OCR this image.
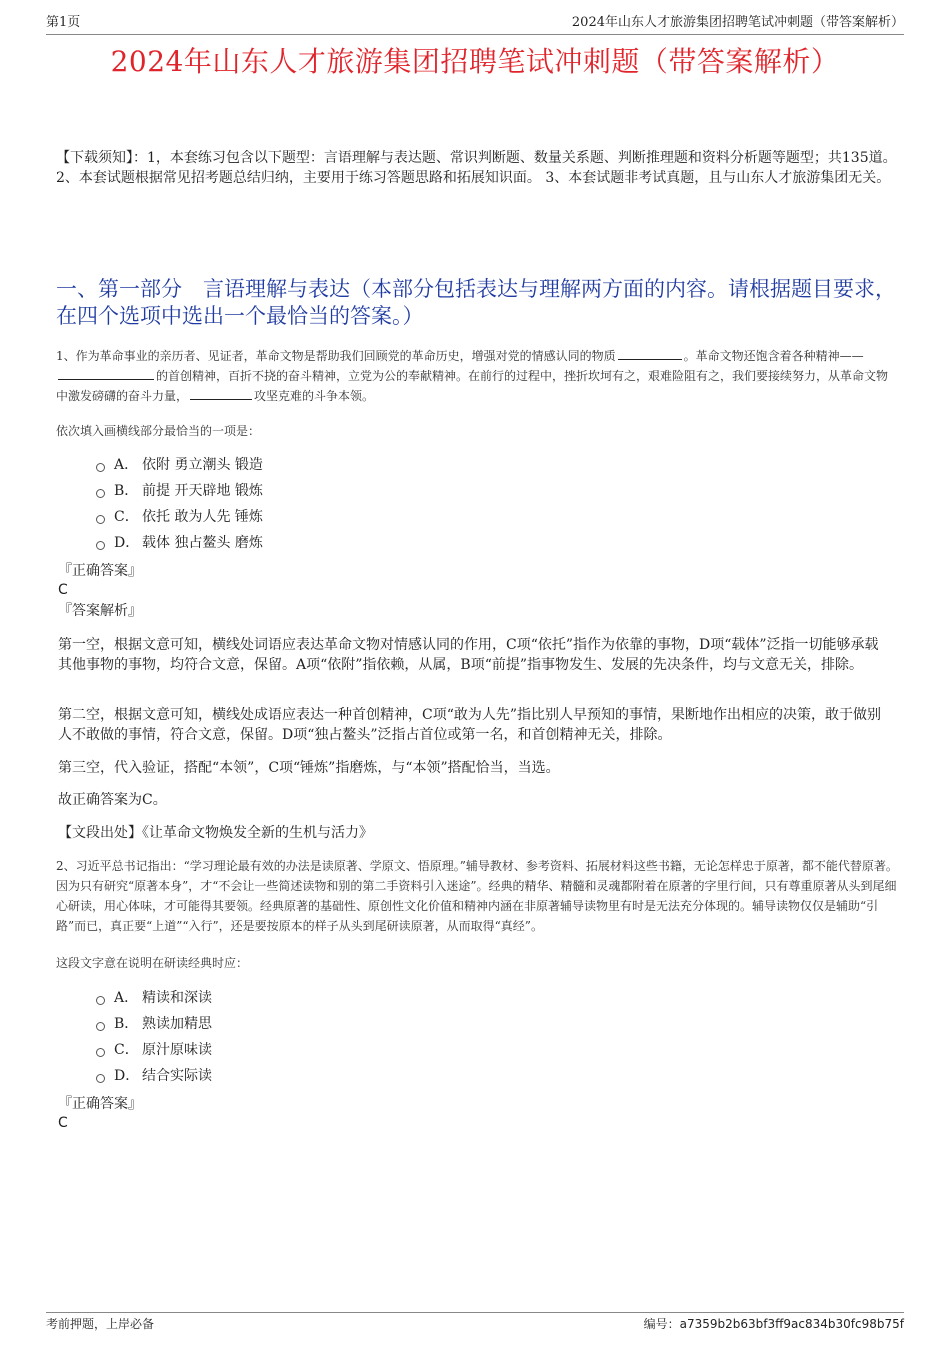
第1页	2024年山东人才旅游集团招聘笔试冲刺题（带答案解析）
2024年山东人才旅游集团招聘笔试冲刺题（带答案解析）
【下载须知】：1，本套练习包含以下题型：言语理解与表达题、常识判断题、数量关系题、判断推理题和资料分析题等题型；共135道。 2、本套试题根据常见招考题总结归纳，主要用于练习答题思路和拓展知识面。 3、本套试题非考试真题，且与山东人才旅游集团无关。
一、第一部分　言语理解与表达（本部分包括表达与理解两方面的内容。请根据题目要求，在四个选项中选出一个最恰当的答案。）
1、作为革命事业的亲历者、见证者，革命文物是帮助我们回顾党的革命历史，增强对党的情感认同的物质	。革命文物还饱含着各种精神——的首创精神，百折不挠的奋斗精神，立党为公的奉献精神。在前行的过程中，挫折坎坷有之，艰难险阻有之，我们要接续努力，从革命文物中激发磅礴的奋斗力量，	攻坚克难的斗争本领。
依次填入画横线部分最恰当的一项是：
A． 依附 勇立潮头 锻造
B． 前提 开天辟地 锻炼
C． 依托 敢为人先 锤炼
D． 载体 独占鳌头 磨炼
『正确答案』
C
『答案解析』
第一空，根据文意可知，横线处词语应表达革命文物对情感认同的作用，C项“依托”指作为依靠的事物，D项“载体”泛指一切能够承载其他事物的事物，均符合文意，保留。A项“依附”指依赖，从属，B项“前提”指事物发生、发展的先决条件，均与文意无关，排除。
第二空，根据文意可知，横线处成语应表达一种首创精神，C项“敢为人先”指比别人早预知的事情，果断地作出相应的决策，敢于做别人不敢做的事情，符合文意，保留。D项“独占鳌头”泛指占首位或第一名，和首创精神无关，排除。
第三空，代入验证，搭配“本领”，C项“锤炼”指磨炼，与“本领”搭配恰当，当选。
故正确答案为C。
【文段出处】《让革命文物焕发全新的生机与活力》
2、习近平总书记指出：“学习理论最有效的办法是读原著、学原文、悟原理。”辅导教材、参考资料、拓展材料这些书籍，无论怎样忠于原著，都不能代替原著。因为只有研究“原著本身”，才“不会让一些简述读物和别的第二手资料引入迷途”。经典的精华、精髓和灵魂都附着在原著的字里行间，只有尊重原著从头到尾细心研读，用心体味，才可能得其要领。经典原著的基础性、原创性文化价值和精神内涵在非原著辅导读物里有时是无法充分体现的。辅导读物仅仅是辅助“引路”而已，真正要“上道”“入行”，还是要按原本的样子从头到尾研读原著，从而取得“真经”。
这段文字意在说明在研读经典时应：
A． 精读和深读
B． 熟读加精思
C． 原汁原味读
D． 结合实际读
『正确答案』
C
考前押题，上岸必备	编号：a7359b2b63bf3ff9ac834b30fc98b75f
